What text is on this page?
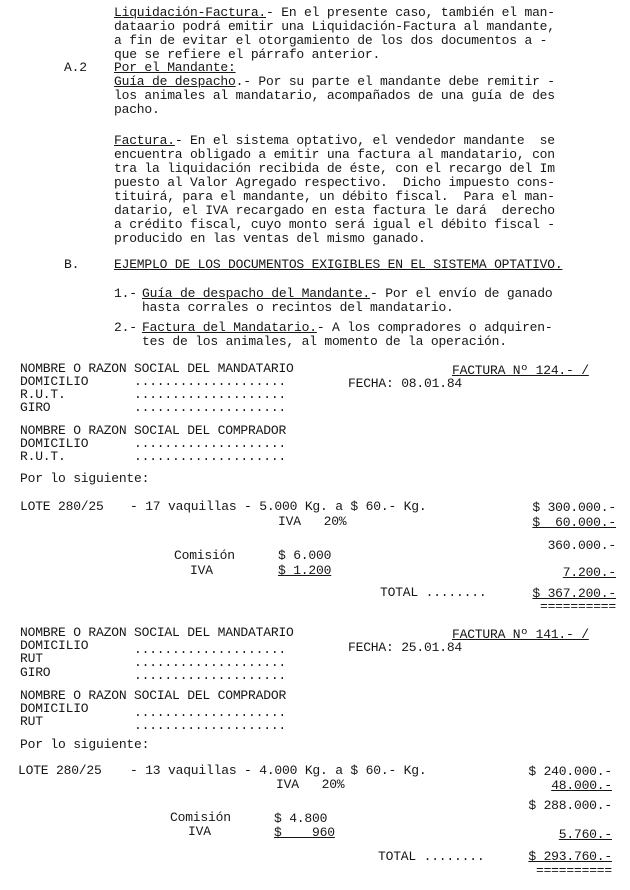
Liquidación-Factura.- En el presente caso, también el man-
dataario podrá emitir una Liquidación-Factura al mandante,
a fin de evitar el otorgamiento de los dos documentos a -
que se refiere el párrafo anterior.
A.2 Por el Mandante:
Guía de despacho.- Por su parte el mandante debe remitir -
los animales al mandatario, acompañados de una guía de des
pacho.
Factura.- En el sistema optativo, el vendedor mandante  se
encuentra obligado a emitir una factura al mandatario, con
tra la liquidación recibida de éste, con el recargo del Im
puesto al Valor Agregado respectivo.  Dicho impuesto cons-
tituirá, para el mandante, un débito fiscal.  Para el man-
datario, el IVA recargado en esta factura le dará  derecho
a crédito fiscal, cuyo monto será igual el débito fiscal -
producido en las ventas del mismo ganado.
B.	EJEMPLO DE LOS DOCUMENTOS EXIGIBLES EN EL SISTEMA OPTATIVO.
1.- Guía de despacho del Mandante.- Por el envío de ganado
hasta corrales o recintos del mandatario.
2.- Factura del Mandatario.- A los compradores o adquiren-
tes de los animales, al momento de la operación.
NOMBRE O RAZON SOCIAL DEL MANDATARIO	FACTURA Nº 124.- /
DOMICILIO	....................	FECHA: 08.01.84
R.U.T.	....................
GIRO	....................
NOMBRE O RAZON SOCIAL DEL COMPRADOR
DOMICILIO	....................
R.U.T.	....................
Por lo siguiente:
LOTE 280/25 - 17 vaquillas - 5.000 Kg. a $ 60.- Kg.	$ 300.000.-
IVA   20%	$  60.000.-
360.000.-
Comisión	$ 6.000
IVA	$ 1.200	7.200.-
TOTAL ........	$ 367.200.-
==========
NOMBRE O RAZON SOCIAL DEL MANDATARIO	FACTURA Nº 141.- /
DOMICILIO	....................	FECHA: 25.01.84
RUT	....................
GIRO	....................
NOMBRE O RAZON SOCIAL DEL COMPRADOR
DOMICILIO	....................
RUT	....................
Por lo siguiente:
LOTE 280/25 - 13 vaquillas - 4.000 Kg. a $ 60.- Kg.	$ 240.000.-
IVA   20%	48.000.-
$ 288.000.-
Comisión	$ 4.800
IVA	$    960	5.760.-
TOTAL ........	$ 293.760.-
==========
